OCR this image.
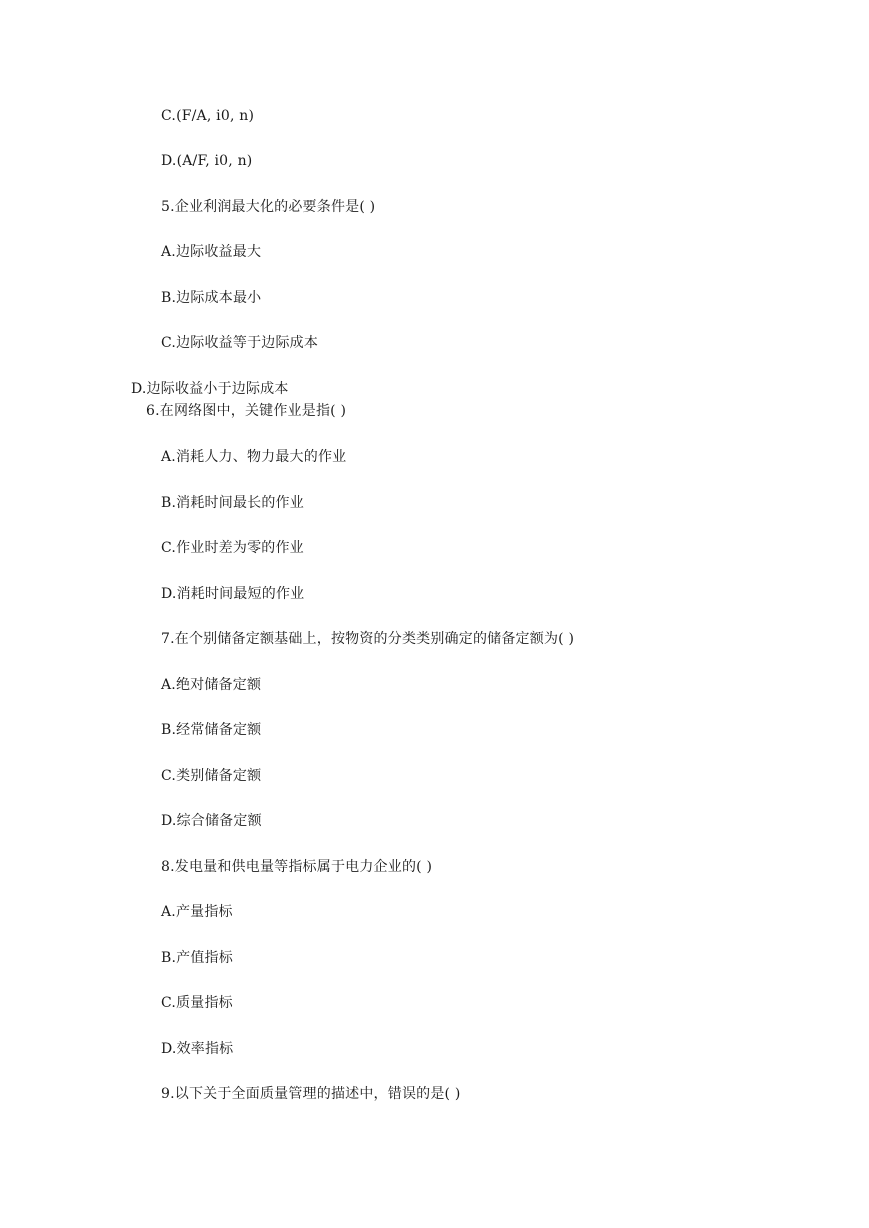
C.(F/A, i0, n)
D.(A/F, i0, n)
5.企业利润最大化的必要条件是( )
A.边际收益最大
B.边际成本最小
C.边际收益等于边际成本
D.边际收益小于边际成本
6.在网络图中，关键作业是指( )
A.消耗人力、物力最大的作业
B.消耗时间最长的作业
C.作业时差为零的作业
D.消耗时间最短的作业
7.在个别储备定额基础上，按物资的分类类别确定的储备定额为( )
A.绝对储备定额
B.经常储备定额
C.类别储备定额
D.综合储备定额
8.发电量和供电量等指标属于电力企业的( )
A.产量指标
B.产值指标
C.质量指标
D.效率指标
9.以下关于全面质量管理的描述中，错误的是( )
